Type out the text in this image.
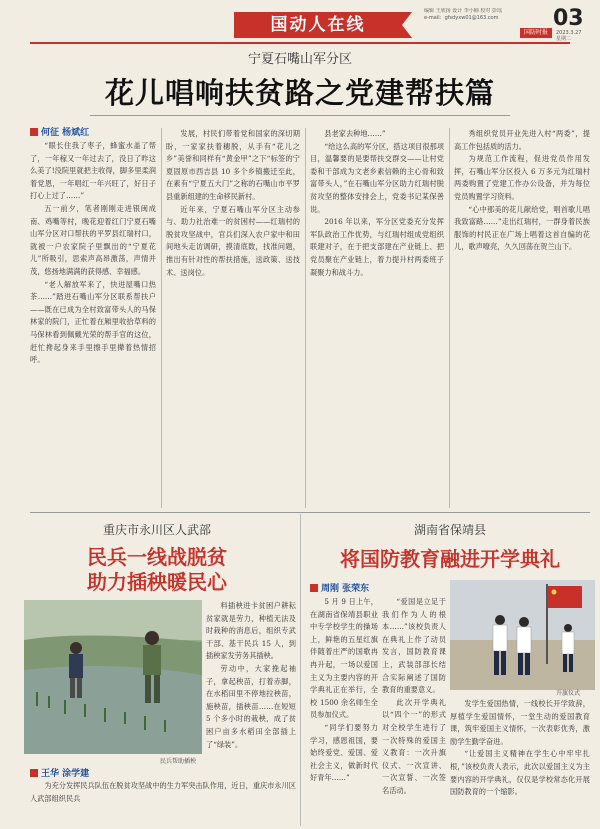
国动人在线
编辑 王欣扬 设计 李小楠 校对 彭瑶
e-mail：gfsdyxw01@163.com
国防时报
03
2023.3.27
星期二
宁夏石嘴山军分区
花儿唱响扶贫路之党建帮扶篇
何征 杨斌红

“眼长住我了枣子，蜂蜜水盖了帮了，一年稼又一年过去了，没日了昨这么美了!没院里就把主收得，脚多里柔润着党恩，一年唱红一年兴旺了，好日子打心上过了……”

五一前夕，笔者刚刚走进银闽成南、鸡嘴等村，晚花迎着红门宁夏石嘴山军分区对口帮扶的平罗县红瑞村口，就被一户农家院子里飘出的“宁夏花儿”所吸引，思索声高昂激荡，声情并茂，悠扬地满满的获得感、幸福感。

“老人解放军来了，快进屋嘴口热茶……”踏进石嘴山军分区联系帮扶户——既在已成为全村致富带头人的马保林家的院门，正忙着在厢里收拾草料的马保林看到佩戴光荣的帮手官的这位，赶忙搀起身来手里擦手里撵着热情招呼。

发展，村民们带着党和国家的深切期盼，一家家扶着穗脱，从手有“花儿之乡”美誉和同样有“黄金甲”之下“标签的宁夏固原市西吉县 10 多个乡镇搬迁至此，在素有“宁夏五大门”之称的石嘴山市平罗县重新组建的生命移民新村。

近年来，宁夏石嘴山军分区主动参与、助力社治难一的贫困村——红瑞村的脱贫攻坚战中，官兵们深入农户家中和田间地头走访调研，摸清底数，找准问题，推出有针对性的帮扶措施，送政策、送技术、送岗位。

县老家去种地……”

“给这么高的军分区，搭这项目很那项目，温馨要的是要帮扶交群交——让村党委和干部成为文老乡素信赖的主心骨和致富带头人，”在石嘴山军分区助力红瑞村脱贫攻坚的整体安排会上，党委书记某保善说。

2016 年以来，军分区党委充分发挥军队政治工作优势，与红瑞村组成党组织联建对子，在于把支部建在产业链上、把党员聚在产业链上，着力提升村两委班子凝聚力和战斗力。

秀组织党员开业先进入村“两委”，提高工作包括质的活力。

为规范工作流程，促进党员作用发挥，石嘴山军分区投入 6 万多元为红瑞村两委购置了党建工作办公设备，并为每位党员购置学习资料。

“心中那美的花儿献给党，唱首歌儿唱我致富路……”走出红瑞村，一群身着民族服饰的村民正在广场上唱着这首自编的花儿，歌声嘹亮，久久回荡在贺兰山下。

重庆市永川区人武部
民兵一线战脱贫
助力插秧暖民心
民兵帮助插秧

料插秧进卡贫困户耕耘贫家就是劳力，种植无法及时栽种的消息后，组织专武干部、基干民兵 15 人，到插秧家发劳务其插秧。

劳动中，大家挽起袖子，拿起秧苗，打着赤脚，在水稻田里不停地拉秧苗，施秧苗，插秧苗……在短短 5 个多小时的栽秧，成了贫困户亩多水稻田全部插上了“绿装”。

王华 涂学建

为充分发挥民兵队伍在脱贫攻坚战中的生力军突击队作用，近日，重庆市永川区人武部组织民兵

湖南省保靖县
将国防教育融进开学典礼
周刚 张荣东

5 月 9 日上午，在湖南省保靖县职业中专学校学生的操场上，鲜艳的五星红旗伴随着庄严的国歌冉冉升起，一场以爱国主义为主要内容的开学典礼正在举行，全校 1500 余名师生全员参加仪式。

“同学们要努力学习，感恩祖国，要始终爱党、爱国、爱社会主义，做新时代好青年……”

“爱国是立足于我们作为人的根本……”该校负责人在典礼上作了动员发言，国防教育课上，武装部部长结合实际阐述了国防教育的重要意义。

此次开学典礼以“四个一”的形式对全校学生进行了一次特殊的爱国主义教育：一次升旗仪式、一次宣讲、一次宣誓、一次签名活动。

升旗仪式

发学生爱国热情，一线校长开学致辞，厚植学生爱国情怀，一堂生动的爱国教育课，筑牢爱国主义情怀，一次表彰优秀，激励学生勤学奋进。

“让爱国主义精神在学生心中牢牢扎根，”该校负责人表示，此次以爱国主义为主要内容的开学典礼，仅仅是学校常态化开展国防教育的一个缩影。
